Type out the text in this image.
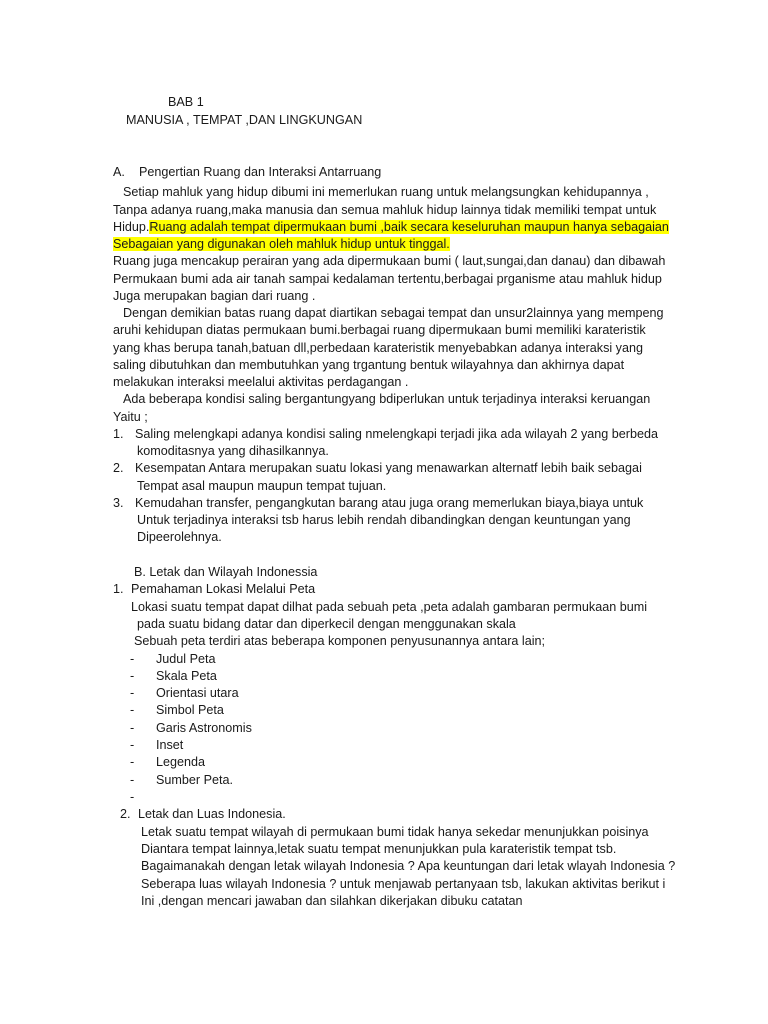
BAB 1
MANUSIA , TEMPAT ,DAN LINGKUNGAN
A. Pengertian Ruang dan Interaksi Antarruang
Setiap mahluk yang hidup dibumi ini memerlukan ruang untuk melangsungkan kehidupannya ,
Tanpa adanya ruang,maka manusia dan semua mahluk hidup lainnya tidak memiliki tempat untuk
Hidup.Ruang adalah tempat dipermukaan bumi ,baik secara keseluruhan maupun hanya sebagaian
Sebagaian yang digunakan oleh mahluk hidup untuk tinggal.
Ruang juga mencakup perairan yang ada dipermukaan bumi ( laut,sungai,dan danau) dan dibawah
Permukaan bumi ada air tanah sampai kedalaman tertentu,berbagai prganisme atau mahluk hidup
Juga merupakan bagian dari ruang .
Dengan demikian batas ruang dapat diartikan sebagai tempat dan unsur2lainnya yang mempeng
aruhi kehidupan diatas permukaan bumi.berbagai ruang dipermukaan bumi memiliki karateristik
yang khas berupa tanah,batuan dll,perbedaan karateristik menyebabkan adanya interaksi yang
saling dibutuhkan dan membutuhkan yang trgantung bentuk wilayahnya dan akhirnya dapat
melakukan interaksi meelalui aktivitas perdagangan .
Ada beberapa kondisi saling bergantungyang bdiperlukan untuk terjadinya interaksi keruangan
Yaitu ;
1. Saling melengkapi adanya kondisi saling nmelengkapi terjadi jika ada wilayah 2 yang berbeda
komoditasnya yang dihasilkannya.
2. Kesempatan Antara merupakan suatu lokasi yang menawarkan alternatf lebih baik sebagai
Tempat asal maupun maupun tempat tujuan.
3. Kemudahan transfer, pengangkutan barang atau juga orang memerlukan biaya,biaya untuk
Untuk terjadinya interaksi tsb harus lebih rendah dibandingkan dengan keuntungan yang
Dipeerolehnya.
B. Letak dan Wilayah Indonessia
1. Pemahaman Lokasi Melalui Peta
Lokasi suatu tempat dapat dilhat pada sebuah peta ,peta adalah gambaran permukaan bumi
pada suatu bidang datar dan diperkecil dengan menggunakan skala
Sebuah peta terdiri atas beberapa komponen penyusunannya antara lain;
- Judul Peta
- Skala Peta
- Orientasi utara
- Simbol Peta
- Garis Astronomis
- Inset
- Legenda
- Sumber Peta.
-
2. Letak dan Luas Indonesia.
Letak suatu tempat wilayah di permukaan bumi tidak hanya sekedar menunjukkan poisinya
Diantara tempat lainnya,letak suatu tempat menunjukkan pula karateristik tempat tsb.
Bagaimanakah dengan letak wilayah Indonesia ? Apa keuntungan dari letak wlayah Indonesia ?
Seberapa luas wilayah Indonesia ? untuk menjawab pertanyaan tsb, lakukan aktivitas berikut i
Ini ,dengan mencari jawaban dan silahkan dikerjakan dibuku catatan
